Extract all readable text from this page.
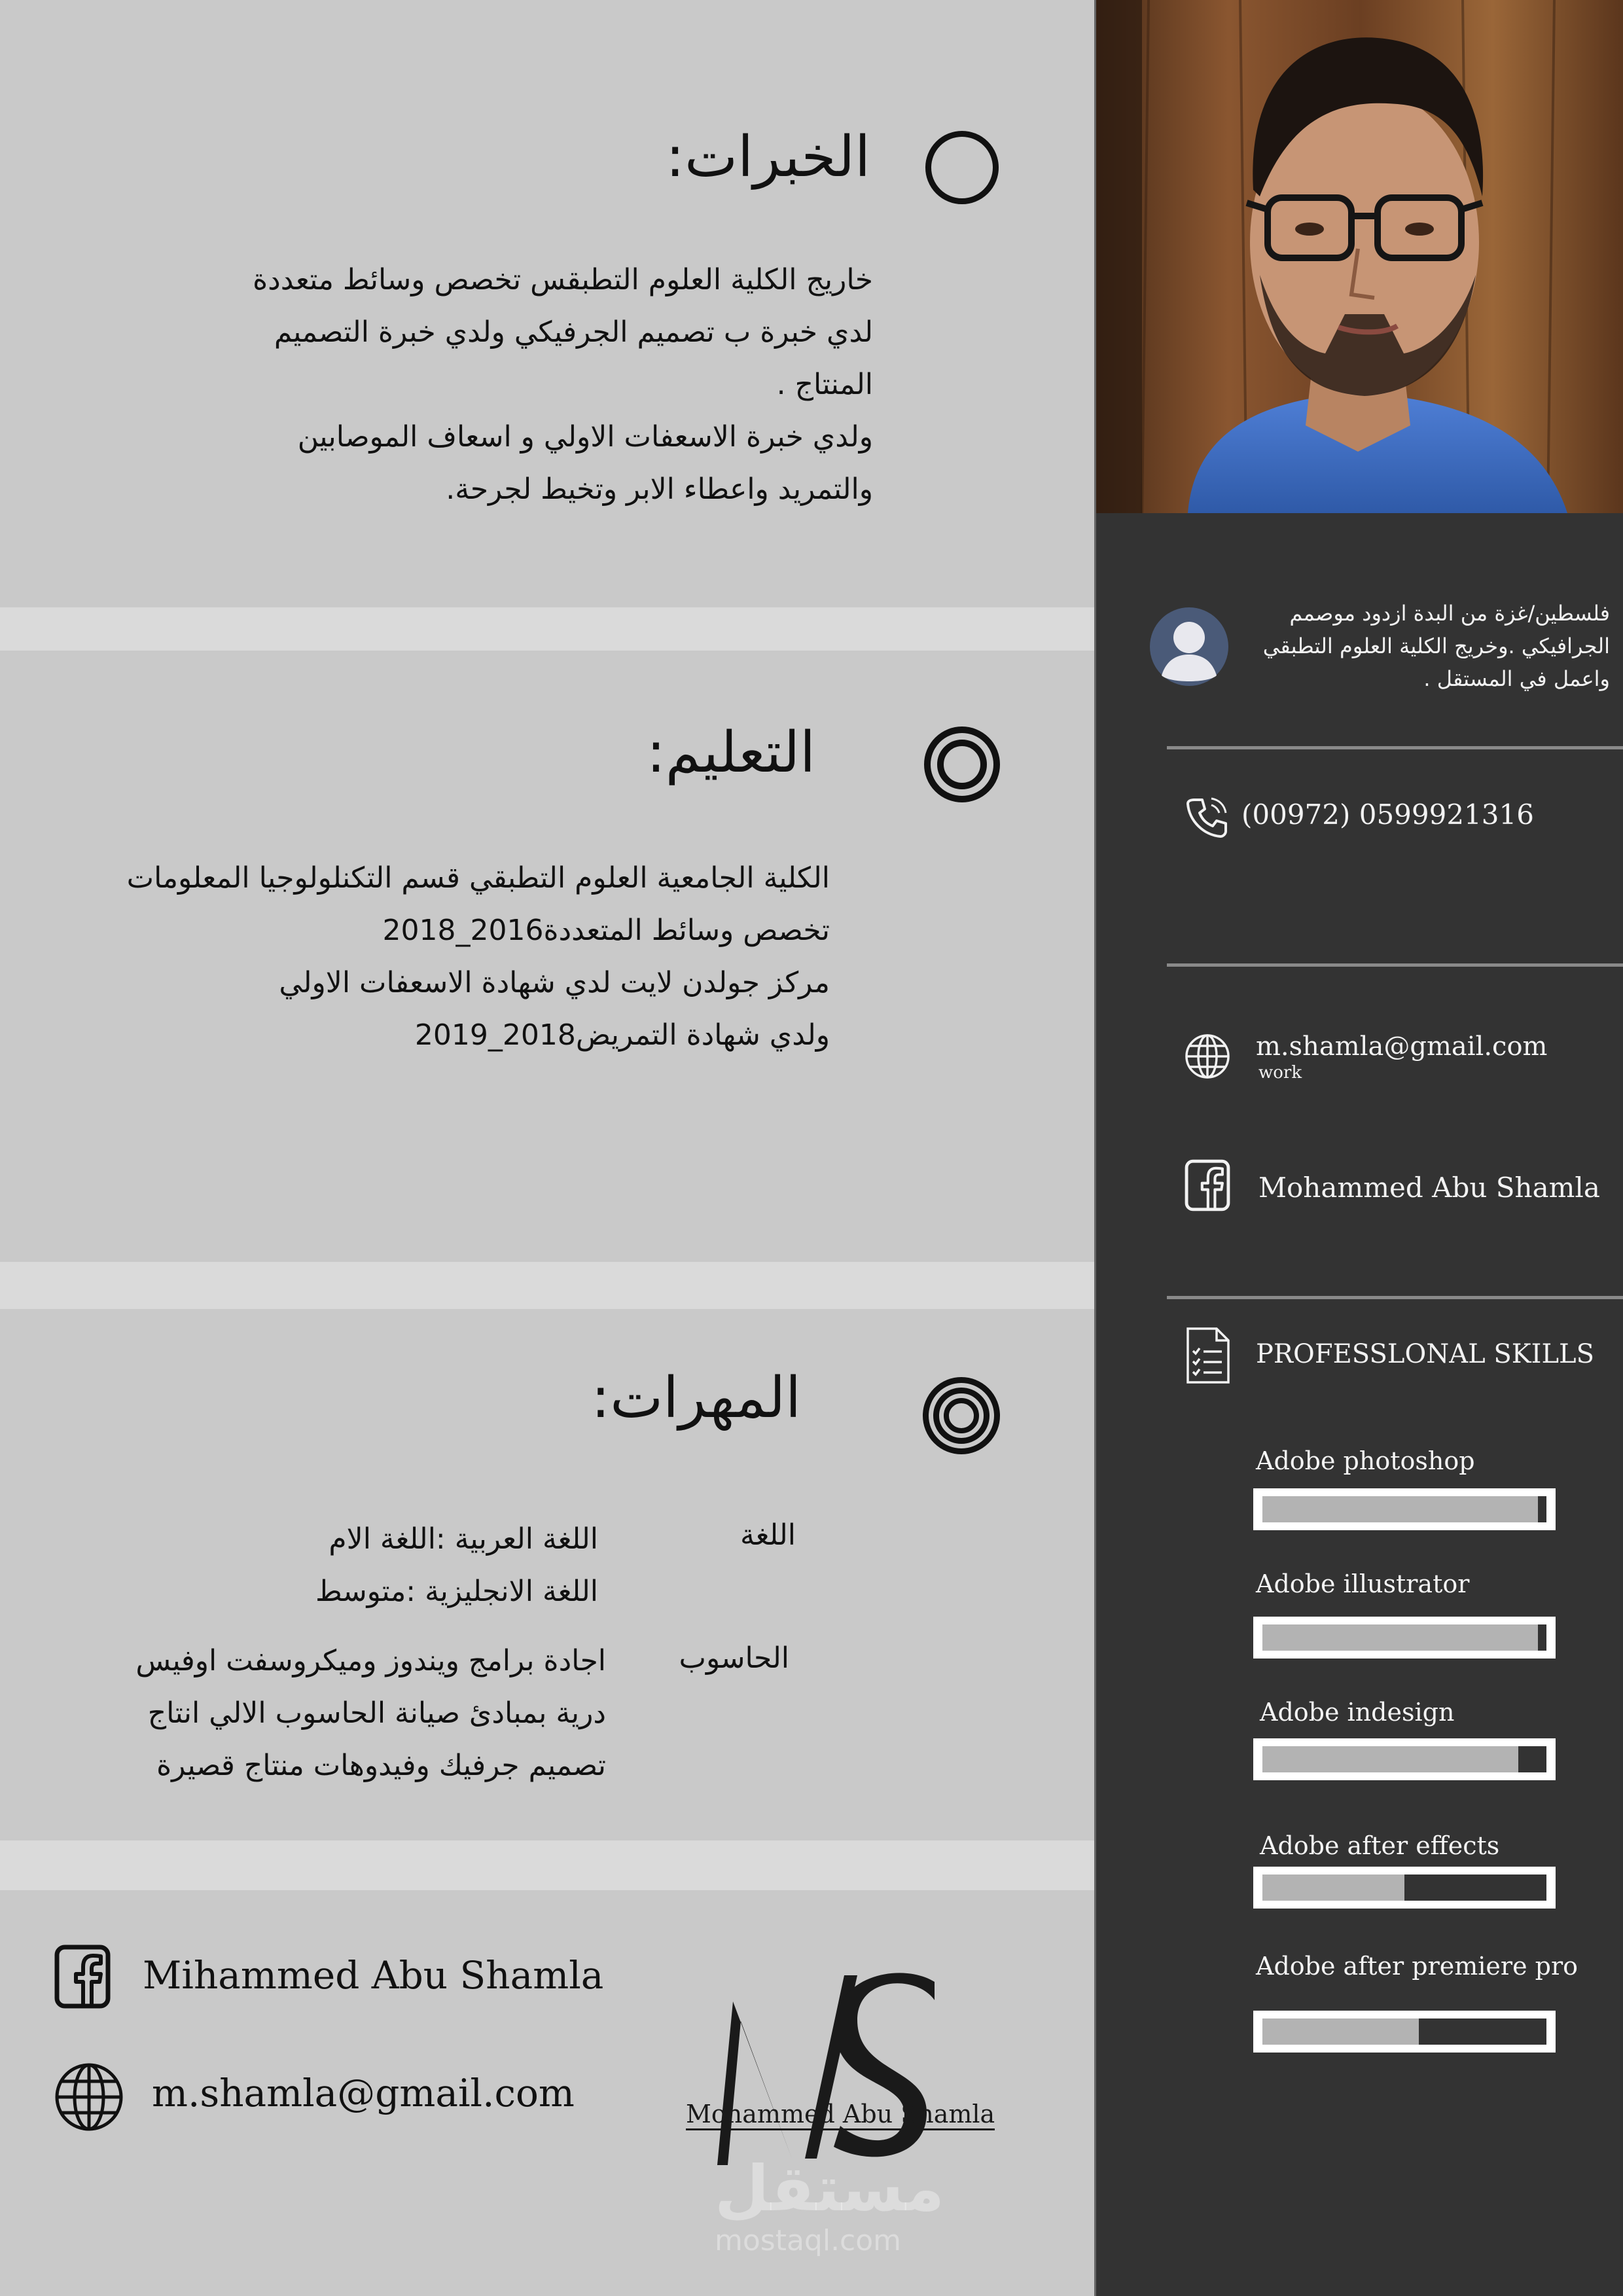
الخبرات:
خاريج الكلية العلوم التطبقس تخصص وسائط متعددة
لدي خبرة ب تصميم الجرفيكي ولدي خبرة التصميم
المنتاج .
ولدي خبرة الاسعفات الاولي و اسعاف الموصابين
والتمريد واعطاء الابر وتخيط لجرحة.
التعليم:
الكلية الجامعية العلوم التطبقي قسم التكنلولوجيا المعلومات
تخصص وسائط المتعددة2016_2018
مركز جولدن لايت لدي شهادة الاسعفات الاولي
ولدي شهادة التمريض2018_2019
المهرات:
اللغة
اللغة العربية :اللغة الام
اللغة الانجليزية :متوسط
الحاسوب
اجادة برامج ويندوز وميكروسفت اوفيس
درية بمبادئ صيانة الحاسوب الالي انتاج
تصميم جرفيك وفيدوهات منتاج قصيرة
Mihammed Abu Shamla
m.shamla@gmail.com	Mohammed Abu Shamla
مستقل
mostaql.com
فلسطين/غزة من البدة ازدود موصمم
الجرافيكي .وخريج الكلية العلوم التطبقي
واعمل في المستقل .
(00972) 0599921316
m.shamla@gmail.com
work
Mohammed Abu Shamla
PROFESSLONAL SKILLS
Adobe photoshop
Adobe illustrator
Adobe indesign
Adobe after effects
Adobe after premiere pro
